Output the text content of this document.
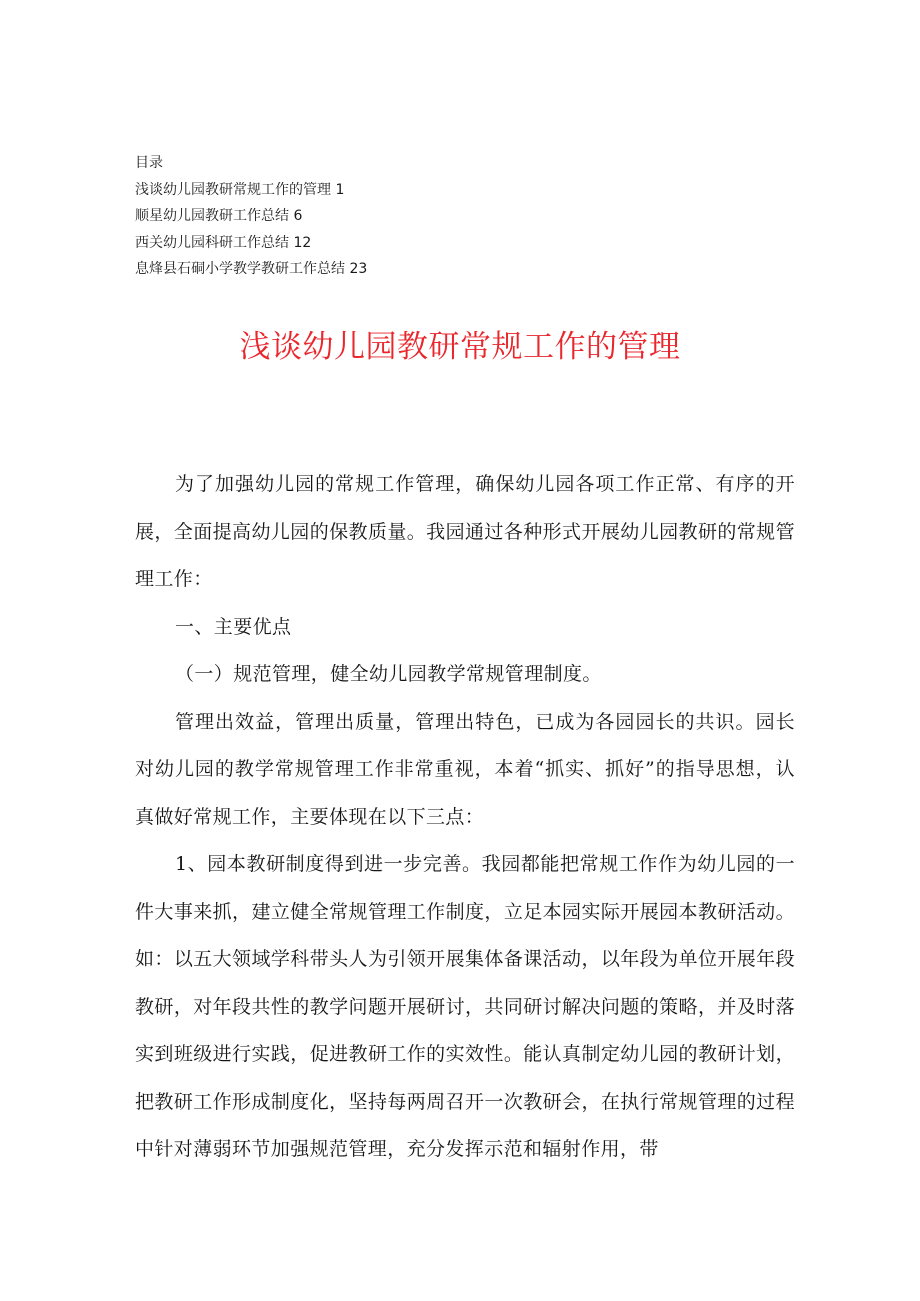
目录
浅谈幼儿园教研常规工作的管理 1
顺星幼儿园教研工作总结 6
西关幼儿园科研工作总结 12
息烽县石硐小学教学教研工作总结 23
浅谈幼儿园教研常规工作的管理

为了加强幼儿园的常规工作管理，确保幼儿园各项工作正常、有序的开展，全面提高幼儿园的保教质量。我园通过各种形式开展幼儿园教研的常规管理工作：

一、主要优点

（一）规范管理，健全幼儿园教学常规管理制度。

管理出效益，管理出质量，管理出特色，已成为各园园长的共识。园长对幼儿园的教学常规管理工作非常重视，本着“抓实、抓好”的指导思想，认真做好常规工作，主要体现在以下三点：

1、园本教研制度得到进一步完善。我园都能把常规工作作为幼儿园的一件大事来抓，建立健全常规管理工作制度，立足本园实际开展园本教研活动。如：以五大领域学科带头人为引领开展集体备课活动，以年段为单位开展年段教研，对年段共性的教学问题开展研讨，共同研讨解决问题的策略，并及时落实到班级进行实践，促进教研工作的实效性。能认真制定幼儿园的教研计划，把教研工作形成制度化，坚持每两周召开一次教研会，在执行常规管理的过程中针对薄弱环节加强规范管理，充分发挥示范和辐射作用，带
